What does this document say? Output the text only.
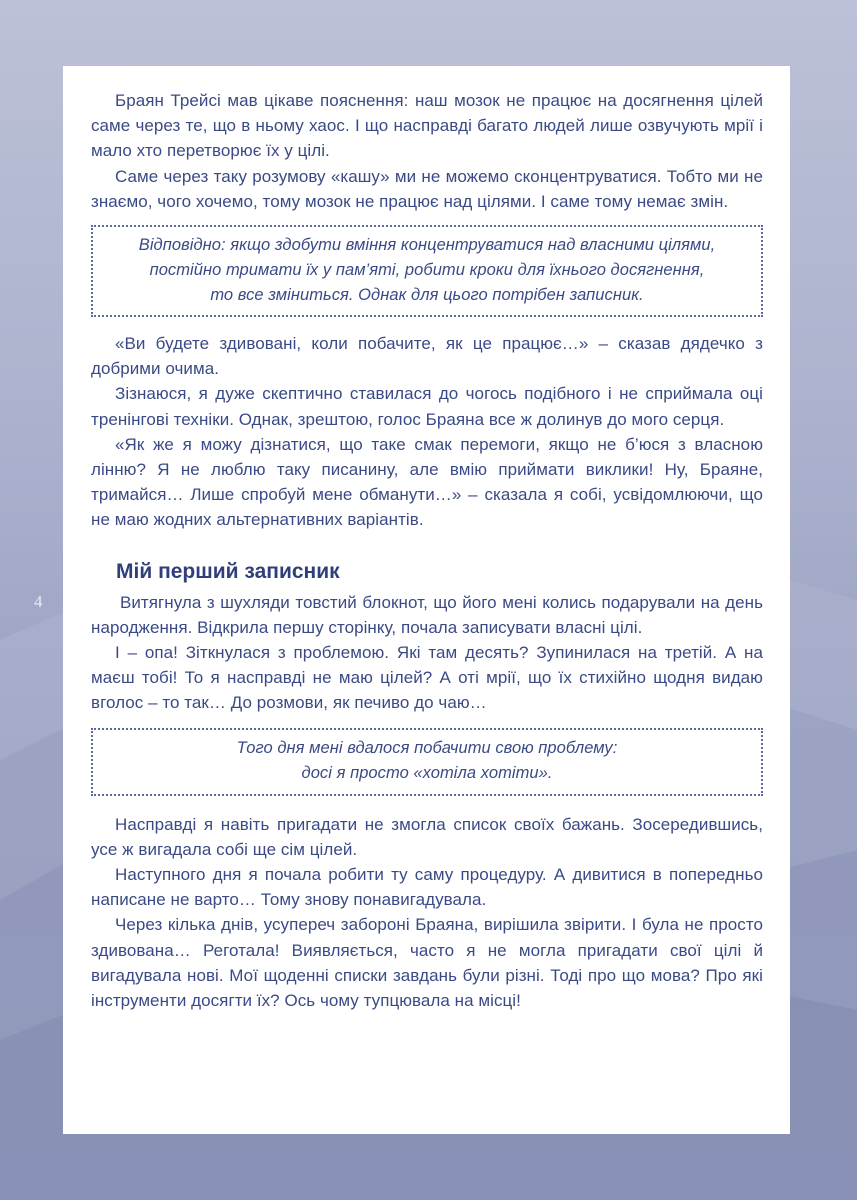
4

Браян Трейсі мав цікаве пояснення: наш мозок не працює на досягнення цілей саме через те, що в ньому хаос. І що насправді багато людей лише озвучують мрії і мало хто перетворює їх у цілі.

Саме через таку розумову «кашу» ми не можемо сконцентруватися. Тобто ми не знаємо, чого хочемо, тому мозок не працює над цілями. І саме тому немає змін.

Відповідно: якщо здобути вміння концентруватися над власними цілями,

постійно тримати їх у пам’яті, робити кроки для їхнього досягнення,

то все зміниться. Однак для цього потрібен записник.

«Ви будете здивовані, коли побачите, як це працює…» – сказав дядечко з добрими очима.

Зізнаюся, я дуже скептично ставилася до чогось подібного і не сприймала оці тренінгові техніки. Однак, зрештою, голос Браяна все ж долинув до мого серця.

«Як же я можу дізнатися, що таке смак перемоги, якщо не б’юся з власною лінню? Я не люблю таку писанину, але вмію приймати виклики! Ну, Браяне, тримайся… Лише спробуй мене обманути…» – сказала я собі, усвідомлюючи, що не маю жодних альтернативних варіантів.

Мій перший записник

Витягнула з шухляди товстий блокнот, що його мені колись подарували на день народження. Відкрила першу сторінку, почала записувати власні цілі.

І – опа! Зіткнулася з проблемою. Які там десять? Зупинилася на третій. А на маєш тобі! То я насправді не маю цілей? А оті мрії, що їх стихійно щодня видаю вголос – то так… До розмови, як печиво до чаю…

Того дня мені вдалося побачити свою проблему:

досі я просто «хотіла хотіти».

Насправді я навіть пригадати не змогла список своїх бажань. Зосередившись, усе ж вигадала собі ще сім цілей.

Наступного дня я почала робити ту саму процедуру. А дивитися в попередньо написане не варто… Тому знову понавигадувала.

Через кілька днів, усупереч забороні Браяна, вирішила звірити. І була не просто здивована… Реготала! Виявляється, часто я не могла пригадати свої цілі й вигадувала нові. Мої щоденні списки завдань були різні. Тоді про що мова? Про які інструменти досягти їх? Ось чому тупцювала на місці!
